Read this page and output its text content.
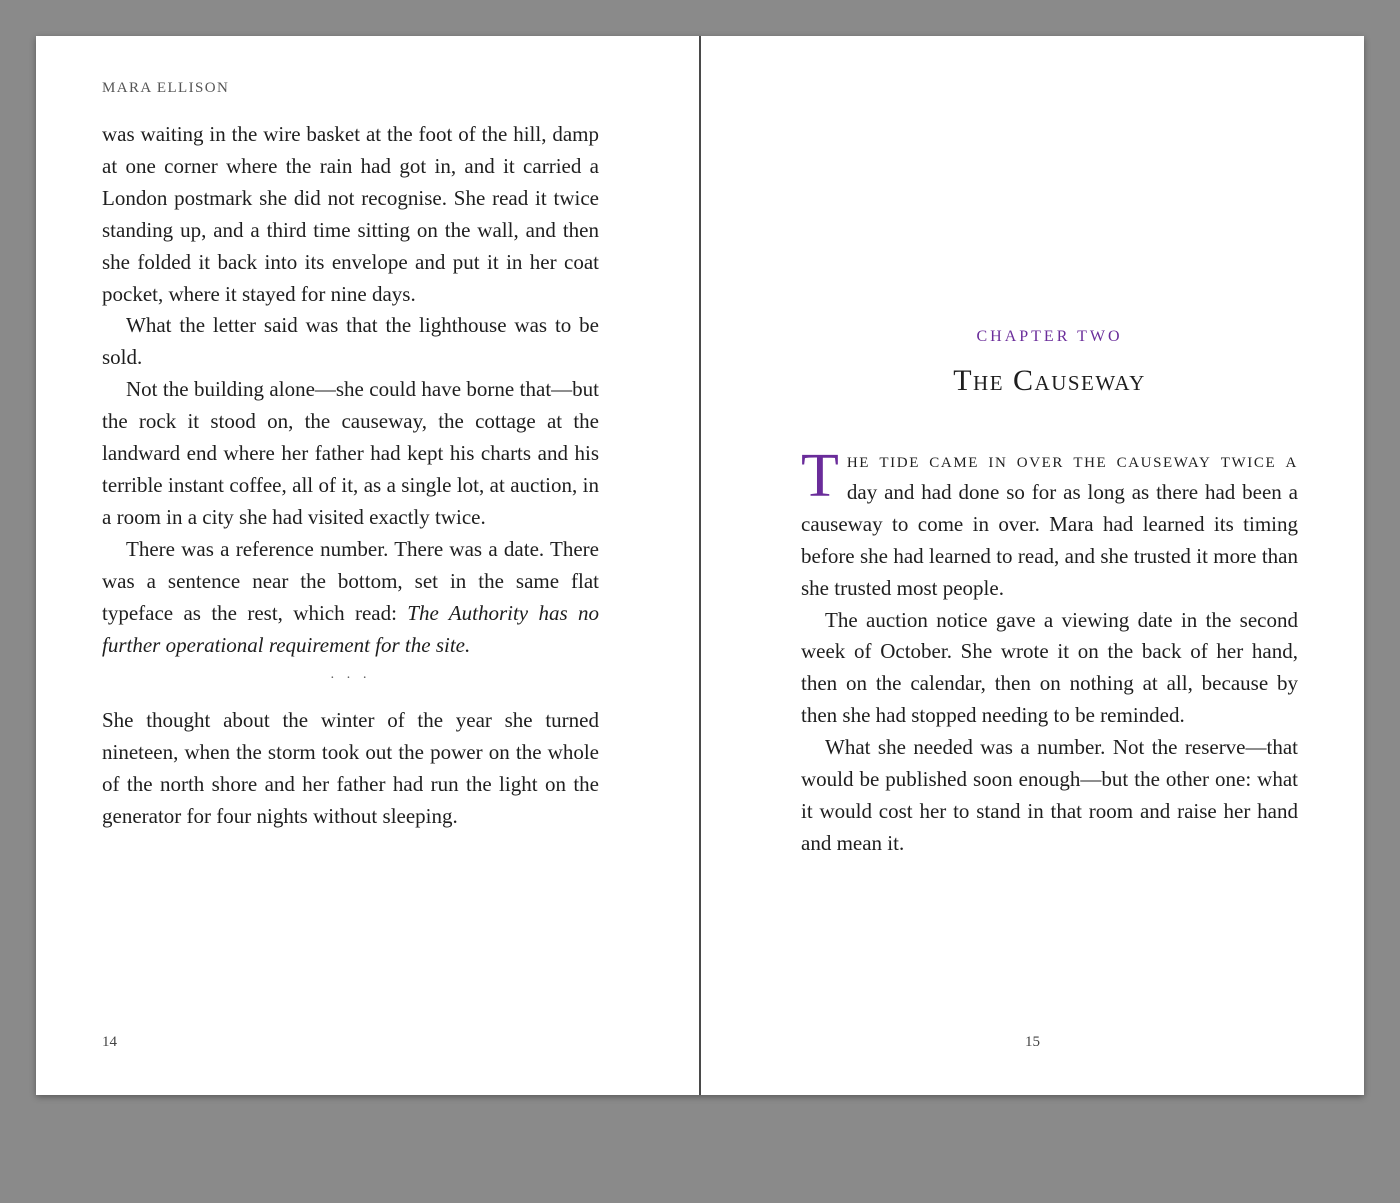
MARA ELLISON

was waiting in the wire basket at the foot of the hill, damp at one corner where the rain had got in, and it carried a London postmark she did not recognise. She read it twice standing up, and a third time sitting on the wall, and then she folded it back into its envelope and put it in her coat pocket, where it stayed for nine days.

What the letter said was that the lighthouse was to be sold.

Not the building alone—she could have borne that—but the rock it stood on, the causeway, the cottage at the landward end where her father had kept his charts and his terrible instant coffee, all of it, as a single lot, at auction, in a room in a city she had visited exactly twice.

There was a reference number. There was a date. There was a sentence near the bottom, set in the same flat typeface as the rest, which read: The Authority has no further operational requirement for the site.

· · ·

She thought about the winter of the year she turned nineteen, when the storm took out the power on the whole of the north shore and her father had run the light on the generator for four nights without sleeping.

14
CHAPTER TWO
The Causeway

The tide came in over the causeway twice a day and had done so for as long as there had been a causeway to come in over. Mara had learned its timing before she had learned to read, and she trusted it more than she trusted most people.

The auction notice gave a viewing date in the second week of October. She wrote it on the back of her hand, then on the calendar, then on nothing at all, because by then she had stopped needing to be reminded.

What she needed was a number. Not the reserve—that would be published soon enough—but the other one: what it would cost her to stand in that room and raise her hand and mean it.

15
